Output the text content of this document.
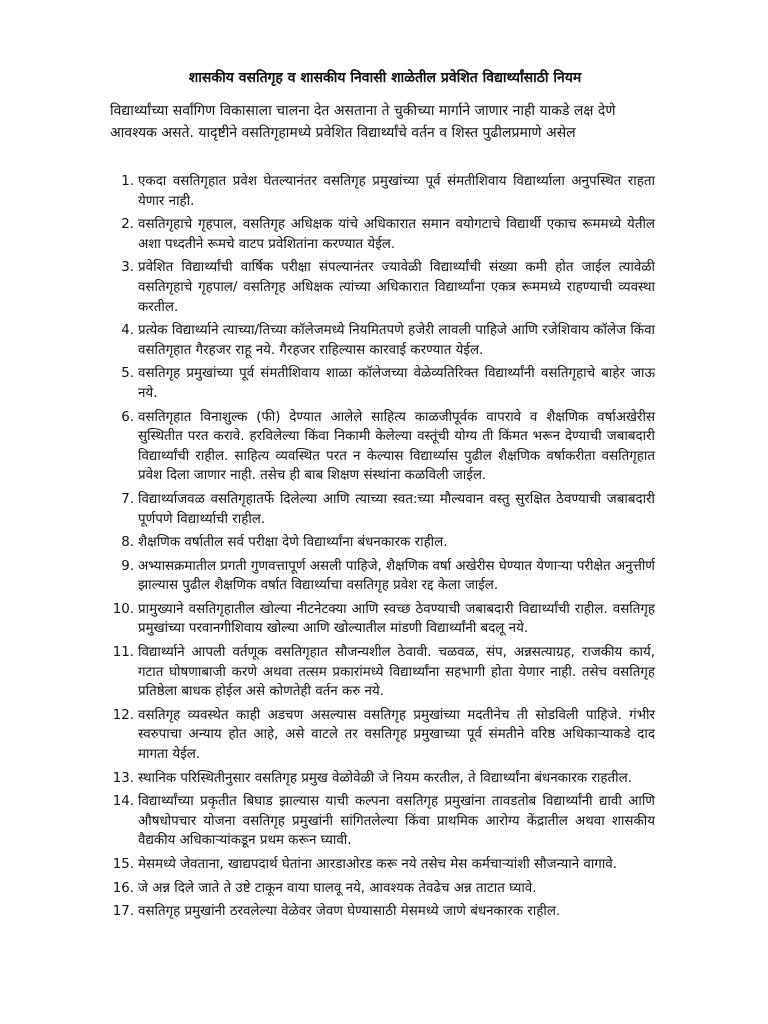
शासकीय वसतिगृह व शासकीय निवासी शाळेतील प्रवेशित विद्यार्थ्यांसाठी नियम
विद्यार्थ्यांच्या सर्वांगिण विकासाला चालना देत असताना ते चुकीच्या मार्गाने जाणार नाही याकडे लक्ष देणे आवश्यक असते. यादृष्टीने वसतिगृहामध्ये प्रवेशित विद्यार्थ्यांचे वर्तन व शिस्त पुढीलप्रमाणे असेल
1. एकदा वसतिगृहात प्रवेश घेतल्यानंतर वसतिगृह प्रमुखांच्या पूर्व संमतीशिवाय विद्यार्थ्याला अनुपस्थित राहता येणार नाही.
2. वसतिगृहाचे गृहपाल, वसतिगृह अधिक्षक यांचे अधिकारात समान वयोगटाचे विद्यार्थी एकाच रूममध्ये येतील अशा पध्दतीने रूमचे वाटप प्रवेशितांना करण्यात येईल.
3. प्रवेशित विद्यार्थ्यांची वार्षिक परीक्षा संपल्यानंतर ज्यावेळी विद्यार्थ्यांची संख्या कमी होत जाईल त्यावेळी वसतिगृहाचे गृहपाल/ वसतिगृह अधिक्षक त्यांच्या अधिकारात विद्यार्थ्यांना एकत्र रूममध्ये राहण्याची व्यवस्था करतील.
4. प्रत्येक विद्यार्थ्याने त्याच्या/तिच्या कॉलेजमध्ये नियमितपणे हजेरी लावली पाहिजे आणि रजेशिवाय कॉलेज किंवा वसतिगृहात गैरहजर राहू नये. गैरहजर राहिल्यास कारवाई करण्यात येईल.
5. वसतिगृह प्रमुखांच्या पूर्व संमतीशिवाय शाळा कॉलेजच्या वेळेव्यतिरिक्त विद्यार्थ्यांनी वसतिगृहाचे बाहेर जाऊ नये.
6. वसतिगृहात विनाशुल्क (फी) देण्यात आलेले साहित्य काळजीपूर्वक वापरावे व शैक्षणिक वर्षाअखेरीस सुस्थितीत परत करावे. हरविलेल्या किंवा निकामी केलेल्या वस्तूंची योग्य ती किंमत भरून देण्याची जबाबदारी विद्यार्थ्यांची राहील. साहित्य व्यवस्थित परत न केल्यास विद्यार्थ्यास पुढील शैक्षणिक वर्षाकरीता वसतिगृहात प्रवेश दिला जाणार नाही. तसेच ही बाब शिक्षण संस्थांना कळविली जाईल.
7. विद्यार्थ्याजवळ वसतिगृहातर्फे दिलेल्या आणि त्याच्या स्वत:च्या मौल्यवान वस्तु सुरक्षित ठेवण्याची जबाबदारी पूर्णपणे विद्यार्थ्याची राहील.
8. शैक्षणिक वर्षातील सर्व परीक्षा देणे विद्यार्थ्यांना बंधनकारक राहील.
9. अभ्यासक्रमातील प्रगती गुणवत्तापूर्ण असली पाहिजे, शैक्षणिक वर्षा अखेरीस घेण्यात येणाऱ्या परीक्षेत अनुत्तीर्ण झाल्यास पुढील शैक्षणिक वर्षात विद्यार्थ्याचा वसतिगृह प्रवेश रद्द केला जाईल.
10. प्रामुख्याने वसतिगृहातील खोल्या नीटनेटक्या आणि स्वच्छ ठेवण्याची जबाबदारी विद्यार्थ्यांची राहील. वसतिगृह प्रमुखांच्या परवानगीशिवाय खोल्या आणि खोल्यातील मांडणी विद्यार्थ्यांनी बदलू नये.
11. विद्यार्थ्याने आपली वर्तणूक वसतिगृहात सौजन्यशील ठेवावी. चळवळ, संप, अन्नसत्याग्रह, राजकीय कार्य, गटात घोषणाबाजी करणे अथवा तत्सम प्रकारांमध्ये विद्यार्थ्यांना सहभागी होता येणार नाही. तसेच वसतिगृह प्रतिष्ठेला बाधक होईल असे कोणतेही वर्तन करु नये.
12. वसतिगृह व्यवस्थेत काही अडचण असल्यास वसतिगृह प्रमुखांच्या मदतीनेच ती सोडविली पाहिजे. गंभीर स्वरुपाचा अन्याय होत आहे, असे वाटले तर वसतिगृह प्रमुखाच्या पूर्व संमतीने वरिष्ठ अधिकाऱ्याकडे दाद मागता येईल.
13. स्थानिक परिस्थितीनुसार वसतिगृह प्रमुख वेळोवेळी जे नियम करतील, ते विद्यार्थ्यांना बंधनकारक राहतील.
14. विद्यार्थ्यांच्या प्रकृतीत बिघाड झाल्यास याची कल्पना वसतिगृह प्रमुखांना तावडतोब विद्यार्थ्यांनी द्यावी आणि औषधोपचार योजना वसतिगृह प्रमुखांनी सांगितलेल्या किंवा प्राथमिक आरोग्य केंद्रातील अथवा शासकीय वैद्यकीय अधिकाऱ्यांकडून प्रथम करून घ्यावी.
15. मेसमध्ये जेवताना, खाद्यपदार्थ घेतांना आरडाओरड करू नये तसेच मेस कर्मचाऱ्यांशी सौजन्याने वागावे.
16. जे अन्न दिले जाते ते उष्टे टाकून वाया घालवू नये, आवश्यक तेवढेच अन्न ताटात घ्यावे.
17. वसतिगृह प्रमुखांनी ठरवलेल्या वेळेवर जेवण घेण्यासाठी मेसमध्ये जाणे बंधनकारक राहील.
